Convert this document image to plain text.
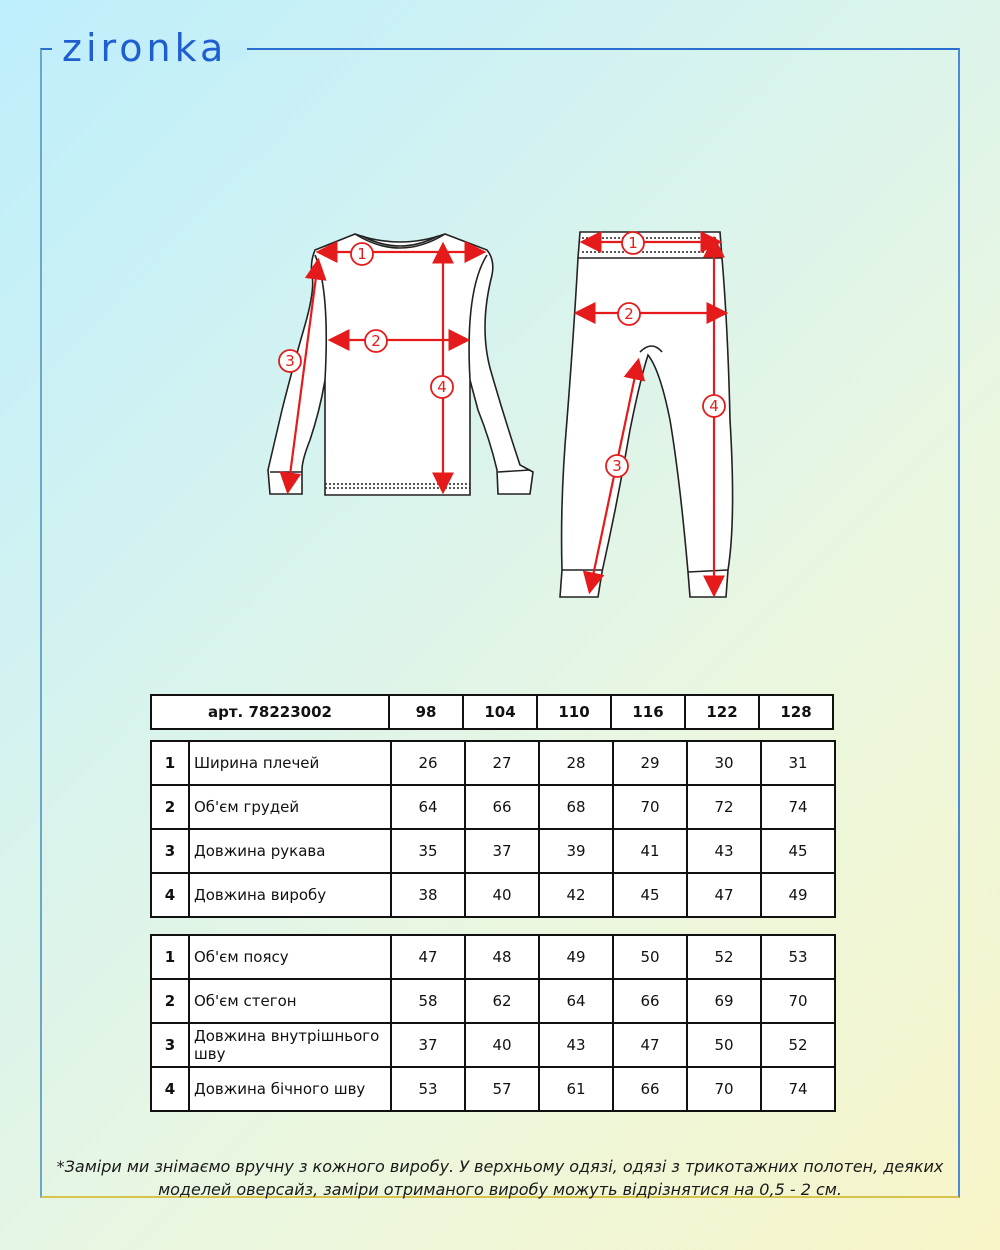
zironka
1
2
3
4
1
2
3
4
арт. 78223002	98	104	110	116	122	128
1	Ширина плечей	26	27	28	29	30	31
2	Об'єм грудей	64	66	68	70	72	74
3	Довжина рукава	35	37	39	41	43	45
4	Довжина виробу	38	40	42	45	47	49
1	Об'єм поясу	47	48	49	50	52	53
2	Об'єм стегон	58	62	64	66	69	70
3	Довжина внутрішнього шву	37	40	43	47	50	52
4	Довжина бічного шву	53	57	61	66	70	74
*Заміри ми знімаємо вручну з кожного виробу. У верхньому одязі, одязі з трикотажних полотен, деяких моделей оверсайз, заміри отриманого виробу можуть відрізнятися на 0,5 - 2 см.
